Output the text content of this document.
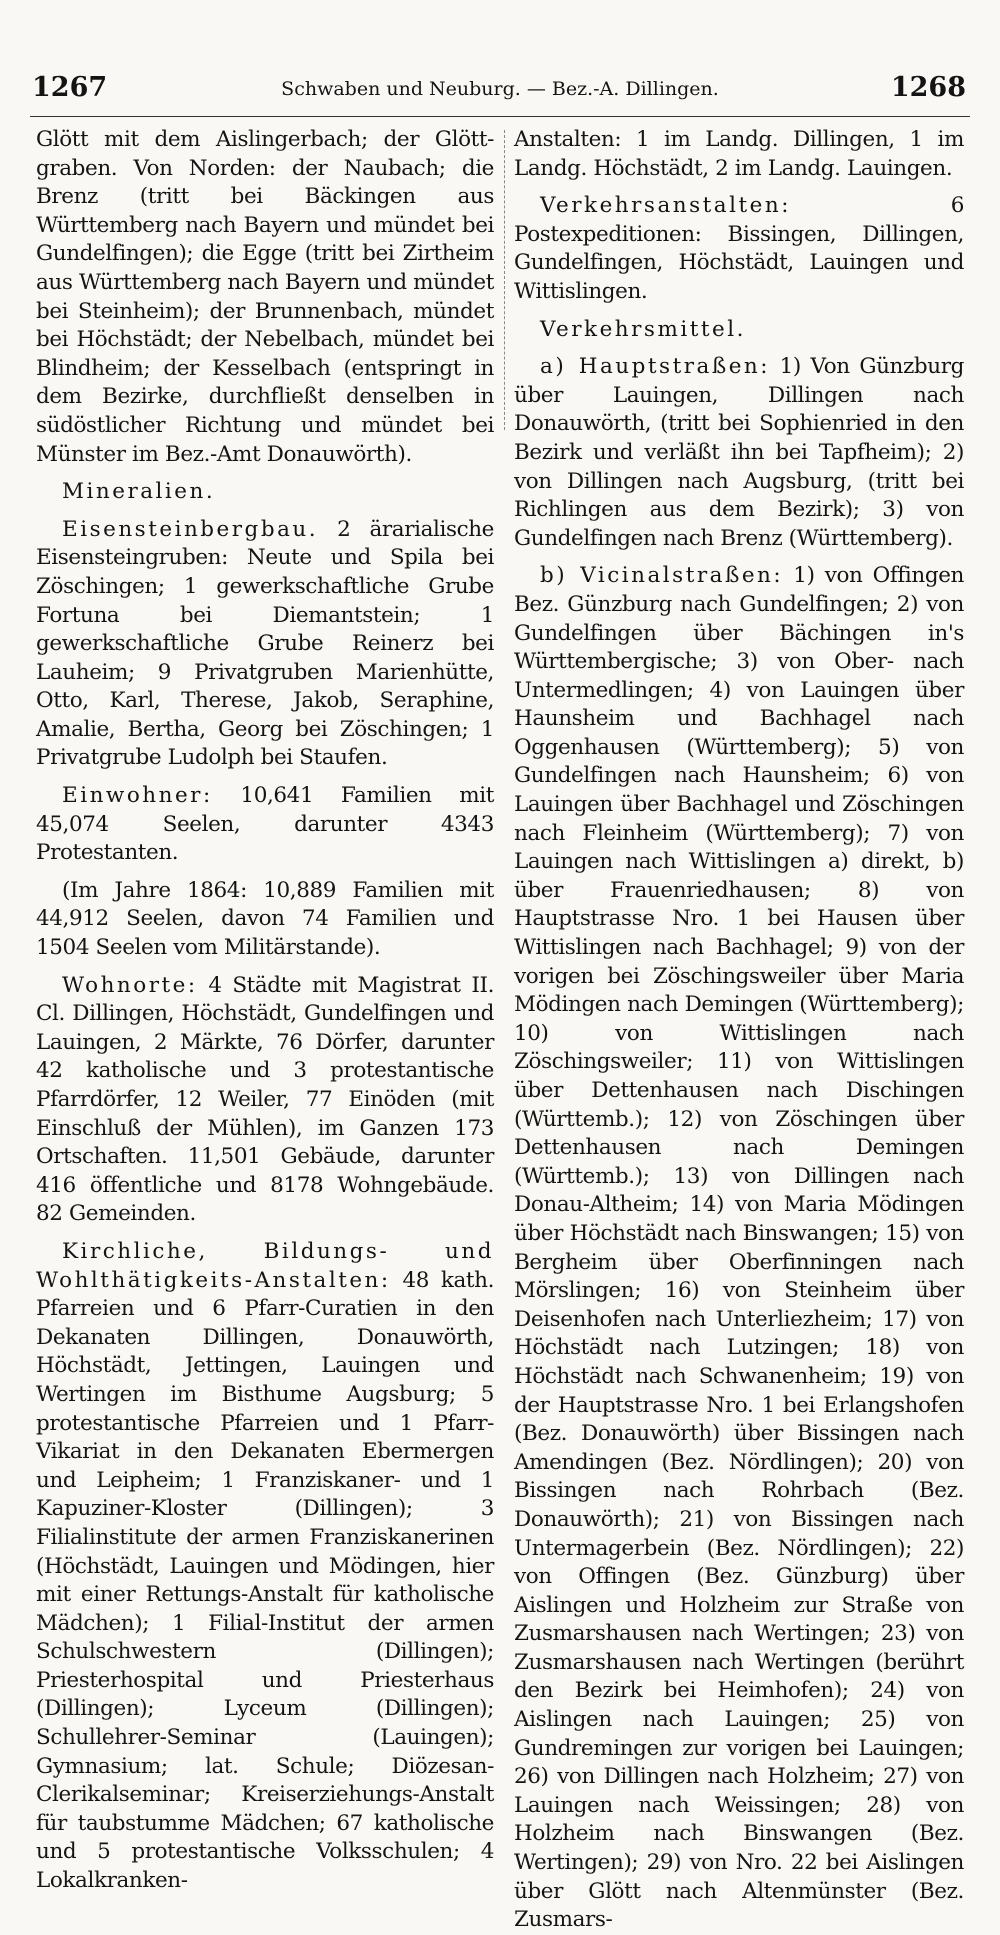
1267	Schwaben und Neuburg. — Bez.-A. Dillingen.	1268

Glött mit dem Aislingerbach; der Glött-graben. Von Norden: der Naubach; die Brenz (tritt bei Bäckingen aus Württemberg nach Bayern und mündet bei Gundelfingen); die Egge (tritt bei Zirtheim aus Württemberg nach Bayern und mündet bei Steinheim); der Brunnenbach, mündet bei Höchstädt; der Nebelbach, mündet bei Blindheim; der Kesselbach (entspringt in dem Bezirke, durchfließt denselben in südöstlicher Richtung und mündet bei Münster im Bez.-Amt Donauwörth).

Mineralien.

Eisensteinbergbau. 2 ärarialische Eisensteingruben: Neute und Spila bei Zöschingen; 1 gewerkschaftliche Grube Fortuna bei Diemantstein; 1 gewerkschaftliche Grube Reinerz bei Lauheim; 9 Privatgruben Marienhütte, Otto, Karl, Therese, Jakob, Seraphine, Amalie, Bertha, Georg bei Zöschingen; 1 Privatgrube Ludolph bei Staufen.

Einwohner: 10,641 Familien mit 45,074 Seelen, darunter 4343 Protestanten.

(Im Jahre 1864: 10,889 Familien mit 44,912 Seelen, davon 74 Familien und 1504 Seelen vom Militärstande).

Wohnorte: 4 Städte mit Magistrat II. Cl. Dillingen, Höchstädt, Gundelfingen und Lauingen, 2 Märkte, 76 Dörfer, darunter 42 katholische und 3 protestantische Pfarrdörfer, 12 Weiler, 77 Einöden (mit Einschluß der Mühlen), im Ganzen 173 Ortschaften. 11,501 Gebäude, darunter 416 öffentliche und 8178 Wohngebäude. 82 Gemeinden.

Kirchliche, Bildungs- und Wohlthätigkeits-Anstalten: 48 kath. Pfarreien und 6 Pfarr-Curatien in den Dekanaten Dillingen, Donauwörth, Höchstädt, Jettingen, Lauingen und Wertingen im Bisthume Augsburg; 5 protestantische Pfarreien und 1 Pfarr-Vikariat in den Dekanaten Ebermergen und Leipheim; 1 Franziskaner- und 1 Kapuziner-Kloster (Dillingen); 3 Filialinstitute der armen Franziskanerinen (Höchstädt, Lauingen und Mödingen, hier mit einer Rettungs-Anstalt für katholische Mädchen); 1 Filial-Institut der armen Schulschwestern (Dillingen); Priesterhospital und Priesterhaus (Dillingen); Lyceum (Dillingen); Schullehrer-Seminar (Lauingen); Gymnasium; lat. Schule; Diözesan-Clerikalseminar; Kreiserziehungs-Anstalt für taubstumme Mädchen; 67 katholische und 5 protestantische Volksschulen; 4 Lokalkranken-

Anstalten: 1 im Landg. Dillingen, 1 im Landg. Höchstädt, 2 im Landg. Lauingen.

Verkehrsanstalten: 6 Postexpeditionen: Bissingen, Dillingen, Gundelfingen, Höchstädt, Lauingen und Wittislingen.

Verkehrsmittel.

a) Hauptstraßen: 1) Von Günzburg über Lauingen, Dillingen nach Donauwörth, (tritt bei Sophienried in den Bezirk und verläßt ihn bei Tapfheim); 2) von Dillingen nach Augsburg, (tritt bei Richlingen aus dem Bezirk); 3) von Gundelfingen nach Brenz (Württemberg).

b) Vicinalstraßen: 1) von Offingen Bez. Günzburg nach Gundelfingen; 2) von Gundelfingen über Bächingen in's Württembergische; 3) von Ober- nach Untermedlingen; 4) von Lauingen über Haunsheim und Bachhagel nach Oggenhausen (Württemberg); 5) von Gundelfingen nach Haunsheim; 6) von Lauingen über Bachhagel und Zöschingen nach Fleinheim (Württemberg); 7) von Lauingen nach Wittislingen a) direkt, b) über Frauenriedhausen; 8) von Hauptstrasse Nro. 1 bei Hausen über Wittislingen nach Bachhagel; 9) von der vorigen bei Zöschingsweiler über Maria Mödingen nach Demingen (Württemberg); 10) von Wittislingen nach Zöschingsweiler; 11) von Wittislingen über Dettenhausen nach Dischingen (Württemb.); 12) von Zöschingen über Dettenhausen nach Demingen (Württemb.); 13) von Dillingen nach Donau-Altheim; 14) von Maria Mödingen über Höchstädt nach Binswangen; 15) von Bergheim über Oberfinningen nach Mörslingen; 16) von Steinheim über Deisenhofen nach Unterliezheim; 17) von Höchstädt nach Lutzingen; 18) von Höchstädt nach Schwanenheim; 19) von der Hauptstrasse Nro. 1 bei Erlangshofen (Bez. Donauwörth) über Bissingen nach Amendingen (Bez. Nördlingen); 20) von Bissingen nach Rohrbach (Bez. Donauwörth); 21) von Bissingen nach Untermagerbein (Bez. Nördlingen); 22) von Offingen (Bez. Günzburg) über Aislingen und Holzheim zur Straße von Zusmarshausen nach Wertingen; 23) von Zusmarshausen nach Wertingen (berührt den Bezirk bei Heimhofen); 24) von Aislingen nach Lauingen; 25) von Gundremingen zur vorigen bei Lauingen; 26) von Dillingen nach Holzheim; 27) von Lauingen nach Weissingen; 28) von Holzheim nach Binswangen (Bez. Wertingen); 29) von Nro. 22 bei Aislingen über Glött nach Altenmünster (Bez. Zusmars-
